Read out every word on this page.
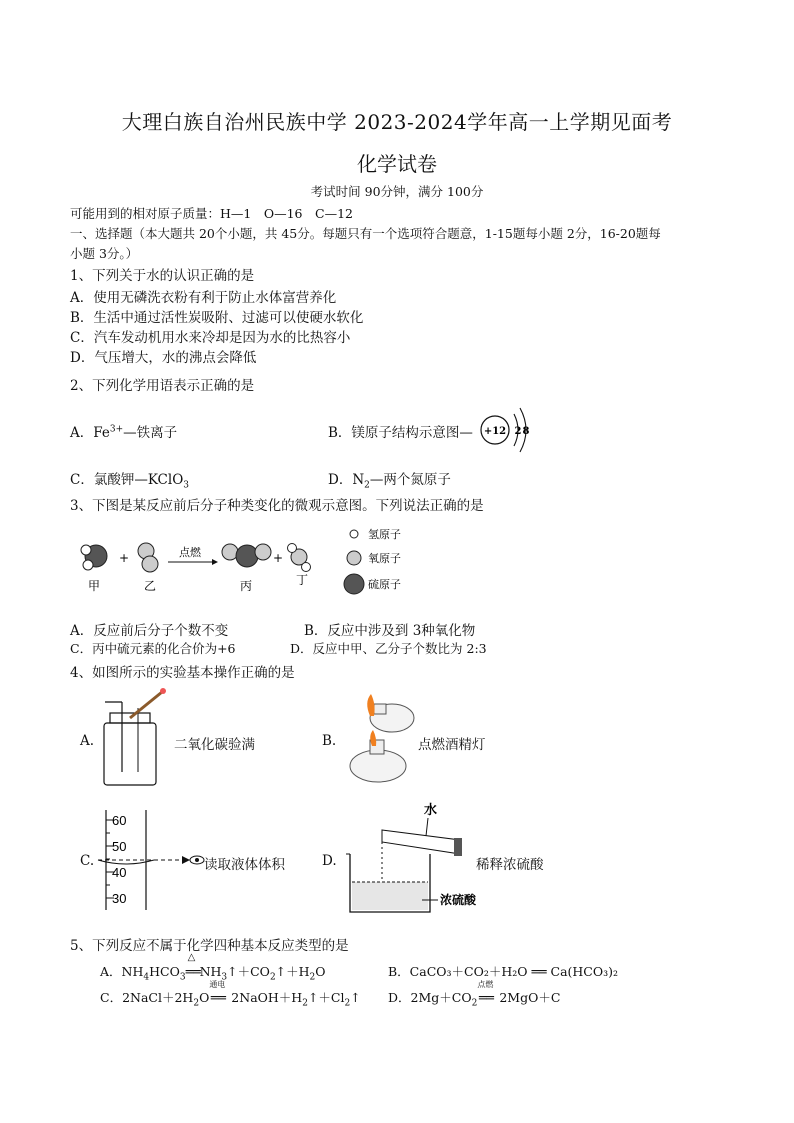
大理白族自治州民族中学 2023-2024学年高一上学期见面考
化学试卷
考试时间 90分钟，满分 100分
可能用到的相对原子质量：H—1　O—16　C—12
一、选择题（本大题共 20个小题，共 45分。每题只有一个选项符合题意，1-15题每小题 2分，16-20题每
小题 3分。）
1、下列关于水的认识正确的是
A．使用无磷洗衣粉有利于防止水体富营养化
B．生活中通过活性炭吸附、过滤可以使硬水软化
C．汽车发动机用水来冷却是因为水的比热容小
D．气压增大，水的沸点会降低
2、下列化学用语表示正确的是
A．$Fe^{3+}—$铁离子	B．镁原子结构示意图— +12 2 8
C．氯酸钾—KClO$_3$	D．$N_2—$两个氮原子
3、下图是某反应前后分子种类变化的微观示意图。下列说法正确的是
甲
+
乙
点燃
丙
+
丁
氢原子
氧原子
硫原子
A．反应前后分子个数不变	B．反应中涉及到 3种氧化物
C．丙中硫元素的化合价为+6	D．反应中甲、乙分子个数比为 2:3
4、如图所示的实验基本操作正确的是
A.	二氧化碳验满	B.	点燃酒精灯
C.
60
50
40
30
读取液体体积	D.
水
浓硫酸
稀释浓硫酸
5、下列反应不属于化学四种基本反应类型的是
A．$NH_4HCO_3$
△
$══NH_3↑+CO_2↑+H_2O$	B．CaCO₃＋CO₂＋H₂O ══ Ca(HCO₃)₂
C．$2NaCl+2H_2O$
通电
══ $2NaOH+H_2↑+Cl_2↑$ D．$2Mg+CO_2$
点燃
══ 2MgO＋C
